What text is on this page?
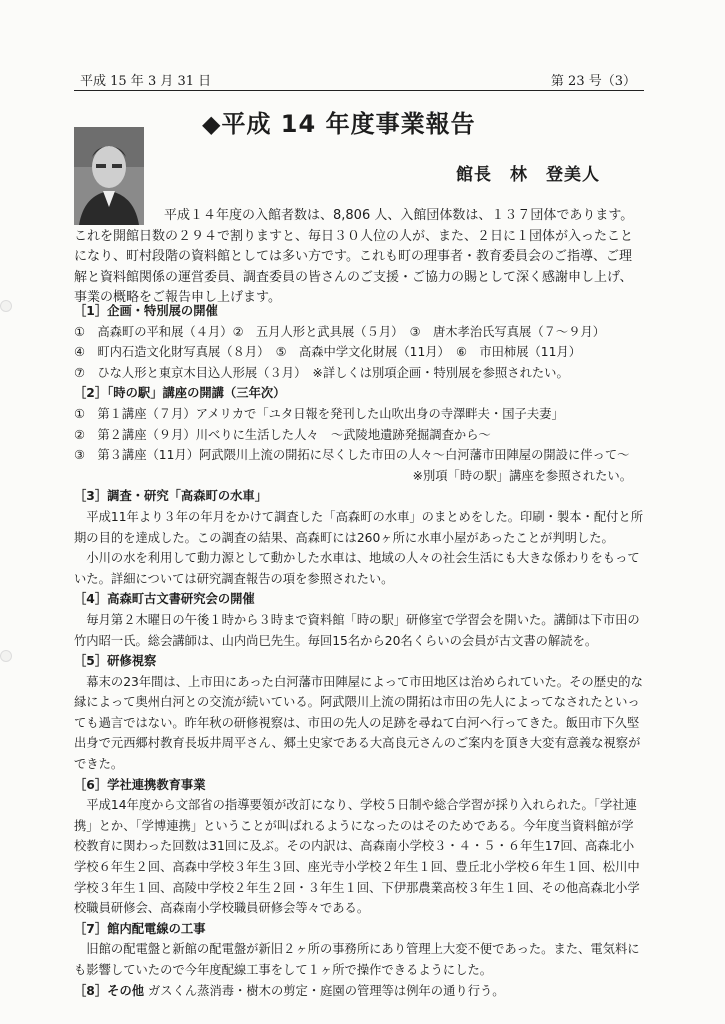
平成 15 年 3 月 31 日	第 23 号（3）
◆平成 14 年度事業報告
館長　林　登美人
平成１４年度の入館者数は、8,806 人、入館団体数は、１３７団体であります。これを開館日数の２９４で割りますと、毎日３０人位の人が、また、２日に１団体が入ったことになり、町村段階の資料館としては多い方です。これも町の理事者・教育委員会のご指導、ご理解と資料館関係の運営委員、調査委員の皆さんのご支援・ご協力の賜として深く感謝申し上げ、事業の概略をご報告申し上げます。
［1］企画・特別展の開催
①　高森町の平和展（４月）②　五月人形と武具展（５月）　③　唐木孝治氏写真展（７～９月）
④　町内石造文化財写真展（８月）　⑤　高森中学文化財展（11月）　⑥　市田柿展（11月）
⑦　ひな人形と東京木目込人形展（３月）　※詳しくは別項企画・特別展を参照されたい。
［2］「時の駅」講座の開講（三年次）
①　第１講座（７月）アメリカで「ユタ日報を発刊した山吹出身の寺澤畔夫・国子夫妻」
②　第２講座（９月）川べりに生活した人々　～武陵地遺跡発掘調査から～
③　第３講座（11月）阿武隈川上流の開拓に尽くした市田の人々～白河藩市田陣屋の開設に伴って～
※別項「時の駅」講座を参照されたい。
［3］調査・研究「高森町の水車」
平成11年より３年の年月をかけて調査した「高森町の水車」のまとめをした。印刷・製本・配付と所期の目的を達成した。この調査の結果、高森町には260ヶ所に水車小屋があったことが判明した。
小川の水を利用して動力源として動かした水車は、地域の人々の社会生活にも大きな係わりをもっていた。詳細については研究調査報告の項を参照されたい。
［4］高森町古文書研究会の開催
毎月第２木曜日の午後１時から３時まで資料館「時の駅」研修室で学習会を開いた。講師は下市田の竹内昭一氏。総会講師は、山内尚巳先生。毎回15名から20名くらいの会員が古文書の解読を。
［5］研修視察
幕末の23年間は、上市田にあった白河藩市田陣屋によって市田地区は治められていた。その歴史的な縁によって奥州白河との交流が続いている。阿武隈川上流の開拓は市田の先人によってなされたといっても過言ではない。昨年秋の研修視察は、市田の先人の足跡を尋ねて白河へ行ってきた。飯田市下久堅出身で元西郷村教育長坂井周平さん、郷土史家である大高良元さんのご案内を頂き大変有意義な視察ができた。
［6］学社連携教育事業
平成14年度から文部省の指導要領が改訂になり、学校５日制や総合学習が採り入れられた。「学社連携」とか、「学博連携」ということが叫ばれるようになったのはそのためである。今年度当資料館が学校教育に関わった回数は31回に及ぶ。その内訳は、高森南小学校３・４・５・６年生17回、高森北小学校６年生２回、高森中学校３年生３回、座光寺小学校２年生１回、豊丘北小学校６年生１回、松川中学校３年生１回、高陵中学校２年生２回・３年生１回、下伊那農業高校３年生１回、その他高森北小学校職員研修会、高森南小学校職員研修会等々である。
［7］館内配電線の工事
旧館の配電盤と新館の配電盤が新旧２ヶ所の事務所にあり管理上大変不便であった。また、電気料にも影響していたので今年度配線工事をして１ヶ所で操作できるようにした。
［8］その他 ガスくん蒸消毒・樹木の剪定・庭園の管理等は例年の通り行う。
